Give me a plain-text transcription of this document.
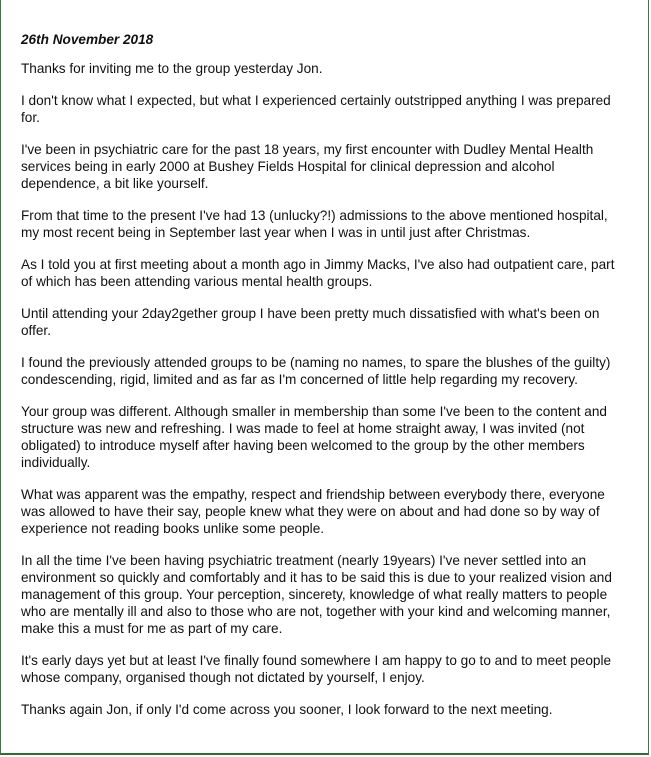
26th November 2018

Thanks for inviting me to the group yesterday Jon.

I don't know what I expected, but what I experienced certainly outstripped anything I was prepared for.

I've been in psychiatric care for the past 18 years, my first encounter with Dudley Mental Health services being in early 2000 at Bushey Fields Hospital for clinical depression and alcohol dependence, a bit like yourself.

From that time to the present I've had 13 (unlucky?!) admissions to the above mentioned hospital, my most recent being in September last year when I was in until just after Christmas.

As I told you at first meeting about a month ago in Jimmy Macks, I've also had outpatient care, part of which has been attending various mental health groups.

Until attending your 2day2gether group I have been pretty much dissatisfied with what's been on offer.

I found the previously attended groups to be (naming no names, to spare the blushes of the guilty) condescending, rigid, limited and as far as I'm concerned of little help regarding my recovery.

Your group was different. Although smaller in membership than some I've been to the content and structure was new and refreshing. I was made to feel at home straight away, I was invited (not obligated) to introduce myself after having been welcomed to the group by the other members individually.

What was apparent was the empathy, respect and friendship between everybody there, everyone was allowed to have their say, people knew what they were on about and had done so by way of experience not reading books unlike some people.

In all the time I've been having psychiatric treatment (nearly 19years) I've never settled into an environment so quickly and comfortably and it has to be said this is due to your realized vision and management of this group. Your perception, sincerety, knowledge of what really matters to people who are mentally ill and also to those who are not, together with your kind and welcoming manner, make this a must for me as part of my care.

It's early days yet but at least I've finally found somewhere I am happy to go to and to meet people whose company, organised though not dictated by yourself, I enjoy.

Thanks again Jon, if only I'd come across you sooner, I look forward to the next meeting.
